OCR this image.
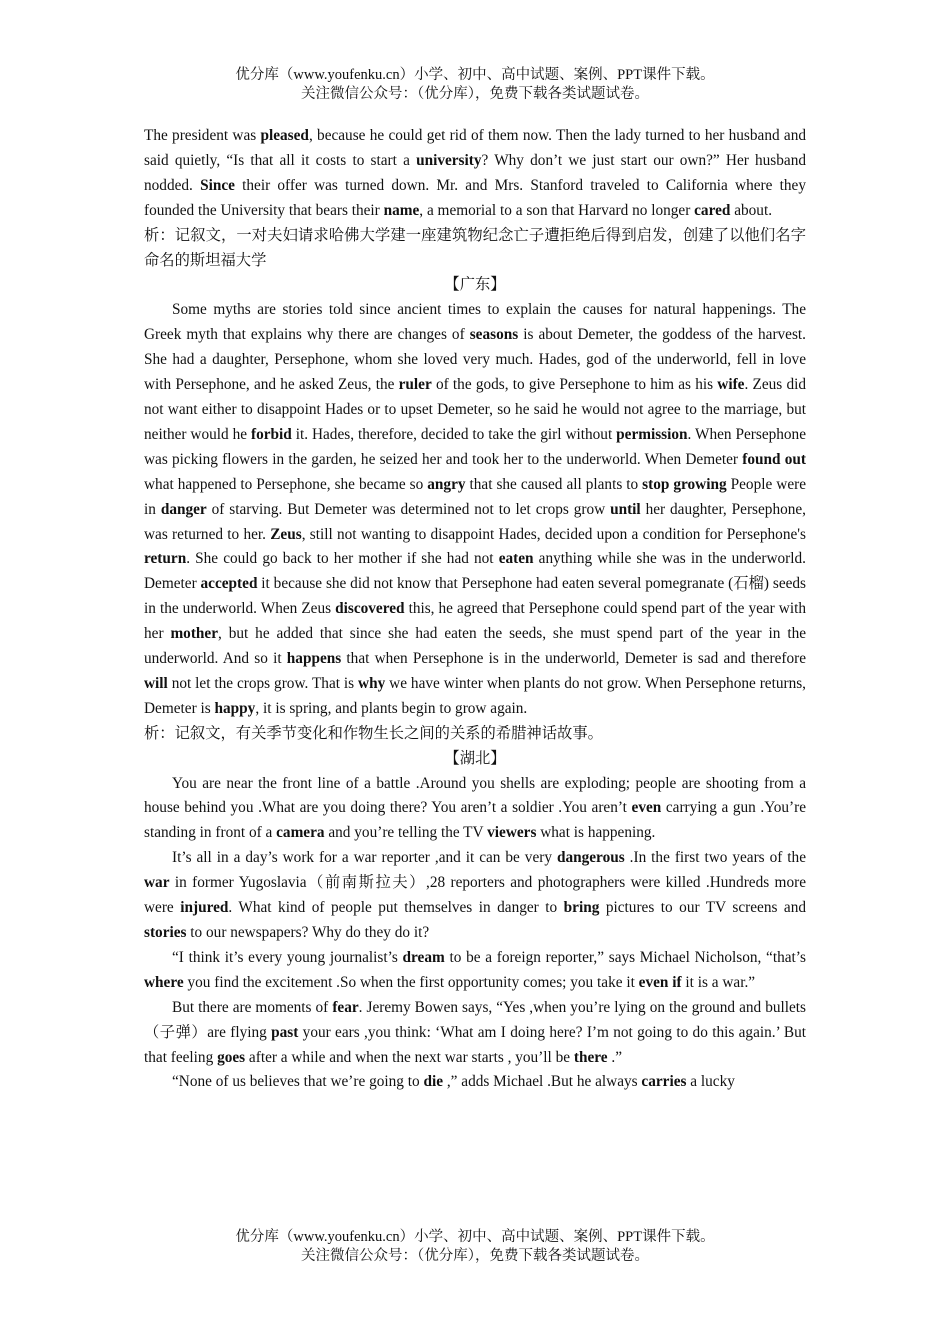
优分库（www.youfenku.cn）小学、初中、高中试题、案例、PPT课件下载。
关注微信公众号：（优分库），免费下载各类试题试卷。

The president was pleased, because he could get rid of them now. Then the lady turned to her husband and said quietly, “Is that all it costs to start a university? Why don’t we just start our own?” Her husband nodded. Since their offer was turned down. Mr. and Mrs. Stanford traveled to California where they founded the University that bears their name, a memorial to a son that Harvard no longer cared about.

析：记叙文，一对夫妇请求哈佛大学建一座建筑物纪念亡子遭拒绝后得到启发，创建了以他们名字命名的斯坦福大学

【广东】

Some myths are stories told since ancient times to explain the causes for natural happenings. The Greek myth that explains why there are changes of seasons is about Demeter, the goddess of the harvest. She had a daughter, Persephone, whom she loved very much. Hades, god of the underworld, fell in love with Persephone, and he asked Zeus, the ruler of the gods, to give Persephone to him as his wife. Zeus did not want either to disappoint Hades or to upset Demeter, so he said he would not agree to the marriage, but neither would he forbid it. Hades, therefore, decided to take the girl without permission. When Persephone was picking flowers in the garden, he seized her and took her to the underworld. When Demeter found out what happened to Persephone, she became so angry that she caused all plants to stop growing People were in danger of starving. But Demeter was determined not to let crops grow until her daughter, Persephone, was returned to her. Zeus, still not wanting to disappoint Hades, decided upon a condition for Persephone's return. She could go back to her mother if she had not eaten anything while she was in the underworld. Demeter accepted it because she did not know that Persephone had eaten several pomegranate (石榴) seeds in the underworld. When Zeus discovered this, he agreed that Persephone could spend part of the year with her mother, but he added that since she had eaten the seeds, she must spend part of the year in the underworld. And so it happens that when Persephone is in the underworld, Demeter is sad and therefore will not let the crops grow. That is why we have winter when plants do not grow. When Persephone returns, Demeter is happy, it is spring, and plants begin to grow again.

析：记叙文，有关季节变化和作物生长之间的关系的希腊神话故事。

【湖北】

You are near the front line of a battle .Around you shells are exploding; people are shooting from a house behind you .What are you doing there? You aren’t a soldier .You aren’t even carrying a gun .You’re standing in front of a camera and you’re telling the TV viewers what is happening.

It’s all in a day’s work for a war reporter ,and it can be very dangerous .In the first two years of the war in former Yugoslavia（前南斯拉夫）,28 reporters and photographers were killed .Hundreds more were injured. What kind of people put themselves in danger to bring pictures to our TV screens and stories to our newspapers? Why do they do it?

“I think it’s every young journalist’s dream to be a foreign reporter,” says Michael Nicholson, “that’s where you find the excitement .So when the first opportunity comes; you take it even if it is a war.”

But there are moments of fear. Jeremy Bowen says, “Yes ,when you’re lying on the ground and bullets （子弹）are flying past your ears ,you think: ‘What am I doing here? I’m not going to do this again.’ But that feeling goes after a while and when the next war starts , you’ll be there .”

“None of us believes that we’re going to die ,” adds Michael .But he always carries a lucky

优分库（www.youfenku.cn）小学、初中、高中试题、案例、PPT课件下载。
关注微信公众号：（优分库），免费下载各类试题试卷。
